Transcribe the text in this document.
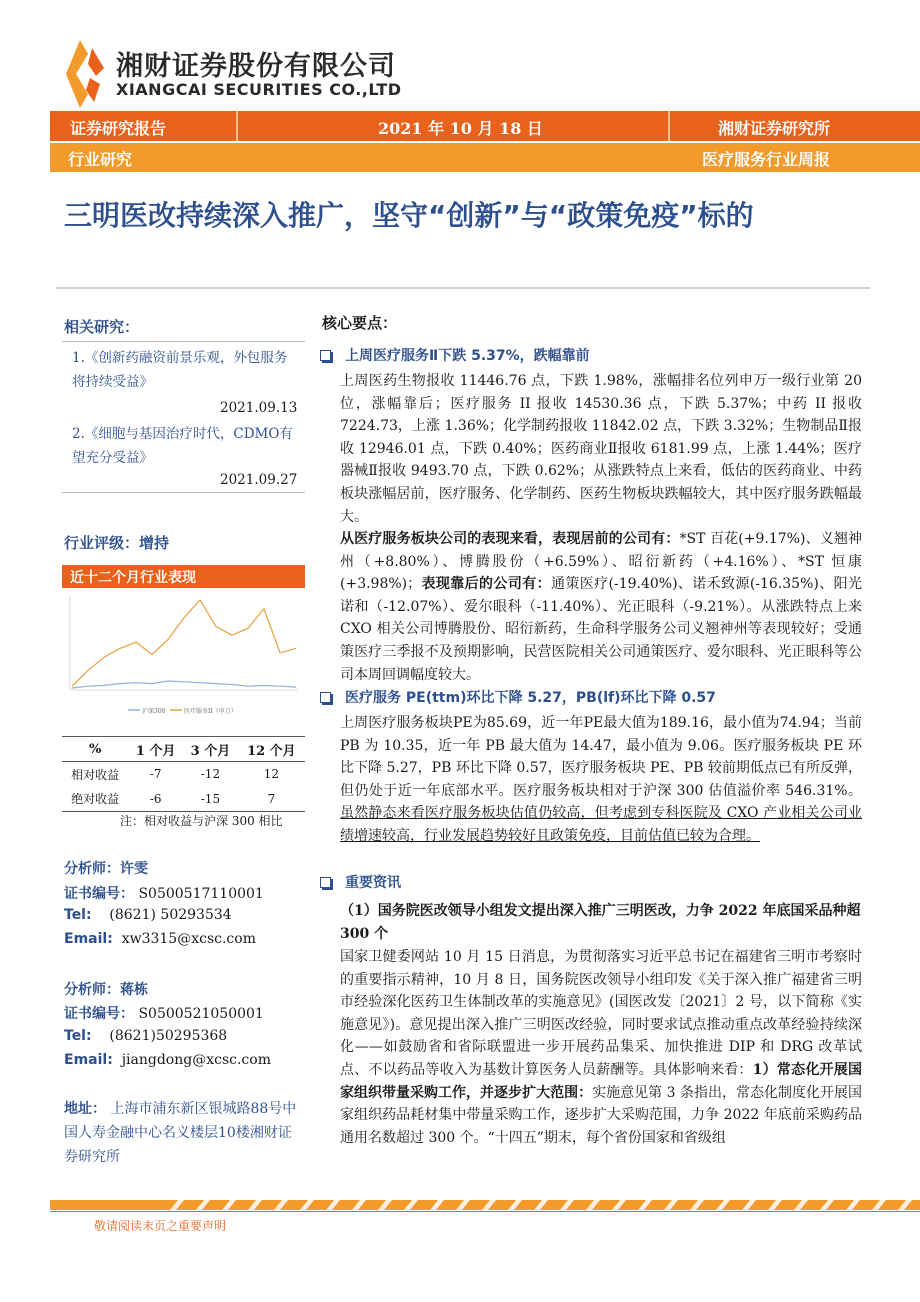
湘财证券股份有限公司
XIANGCAI SECURITIES CO.,LTD
证券研究报告	2021 年 10 月 18 日	湘财证券研究所
行业研究	医疗服务行业周报
三明医改持续深入推广，坚守“创新”与“政策免疫”标的
相关研究：
1.《创新药融资前景乐观，外包服务将持续受益》
2021.09.13
2.《细胞与基因治疗时代，CDMO有望充分受益》
2021.09.27
行业评级：增持
近十二个月行业表现
沪深300	医疗服务II（申万）
%	1 个月	3 个月	12 个月
相对收益	-7	-12	12
绝对收益	-6	-15	7
注：相对收益与沪深 300 相比
分析师：许雯
证书编号： S0500517110001
Tel: (8621) 50293534
Email: xw3315@xcsc.com
分析师：蒋栋
证书编号： S0500521050001
Tel: (8621)50295368
Email: jiangdong@xcsc.com
地址： 上海市浦东新区银城路88号中国人寿金融中心名义楼层10楼湘财证券研究所
核心要点：
上周医疗服务Ⅱ下跌 5.37%，跌幅靠前
上周医药生物报收 11446.76 点，下跌 1.98%，涨幅排名位列申万一级行业第 20 位，涨幅靠后；医疗服务 II 报收 14530.36 点，下跌 5.37%；中药 II 报收 7224.73，上涨 1.36%；化学制药报收 11842.02 点，下跌 3.32%；生物制品Ⅱ报收 12946.01 点，下跌 0.40%；医药商业Ⅱ报收 6181.99 点，上涨 1.44%；医疗器械Ⅱ报收 9493.70 点，下跌 0.62%；从涨跌特点上来看，低估的医药商业、中药板块涨幅居前，医疗服务、化学制药、医药生物板块跌幅较大，其中医疗服务跌幅最大。
从医疗服务板块公司的表现来看，表现居前的公司有：*ST 百花(+9.17%)、义翘神州（+8.80%）、博腾股份（+6.59%）、昭衍新药（+4.16%）、*ST 恒康(+3.98%)；表现靠后的公司有：通策医疗(-19.40%)、诺禾致源(-16.35%)、阳光诺和（-12.07%）、爱尔眼科（-11.40%）、光正眼科（-9.21%）。从涨跌特点上来 CXO 相关公司博腾股份、昭衍新药，生命科学服务公司义翘神州等表现较好；受通策医疗三季报不及预期影响，民营医院相关公司通策医疗、爱尔眼科、光正眼科等公司本周回调幅度较大。
医疗服务 PE(ttm)环比下降 5.27，PB(lf)环比下降 0.57
上周医疗服务板块PE为85.69，近一年PE最大值为189.16，最小值为74.94；当前 PB 为 10.35，近一年 PB 最大值为 14.47，最小值为 9.06。医疗服务板块 PE 环比下降 5.27，PB 环比下降 0.57，医疗服务板块 PE、PB 较前期低点已有所反弹，但仍处于近一年底部水平。医疗服务板块相对于沪深 300 估值溢价率 546.31%。虽然静态来看医疗服务板块估值仍较高，但考虑到专科医院及 CXO 产业相关公司业绩增速较高，行业发展趋势较好且政策免疫，目前估值已较为合理。
重要资讯
（1）国务院医改领导小组发文提出深入推广三明医改，力争 2022 年底国采品种超 300 个
国家卫健委网站 10 月 15 日消息，为贯彻落实习近平总书记在福建省三明市考察时的重要指示精神，10 月 8 日，国务院医改领导小组印发《关于深入推广福建省三明市经验深化医药卫生体制改革的实施意见》(国医改发〔2021〕2 号，以下简称《实施意见》)。意见提出深入推广三明医改经验，同时要求试点推动重点改革经验持续深化——如鼓励省和省际联盟进一步开展药品集采、加快推进 DIP 和 DRG 改革试点、不以药品等收入为基数计算医务人员薪酬等。具体影响来看：1）常态化开展国家组织带量采购工作，并逐步扩大范围：实施意见第 3 条指出，常态化制度化开展国家组织药品耗材集中带量采购工作，逐步扩大采购范围，力争 2022 年底前采购药品通用名数超过 300 个。“十四五”期末，每个省份国家和省级组
敬请阅读末页之重要声明
